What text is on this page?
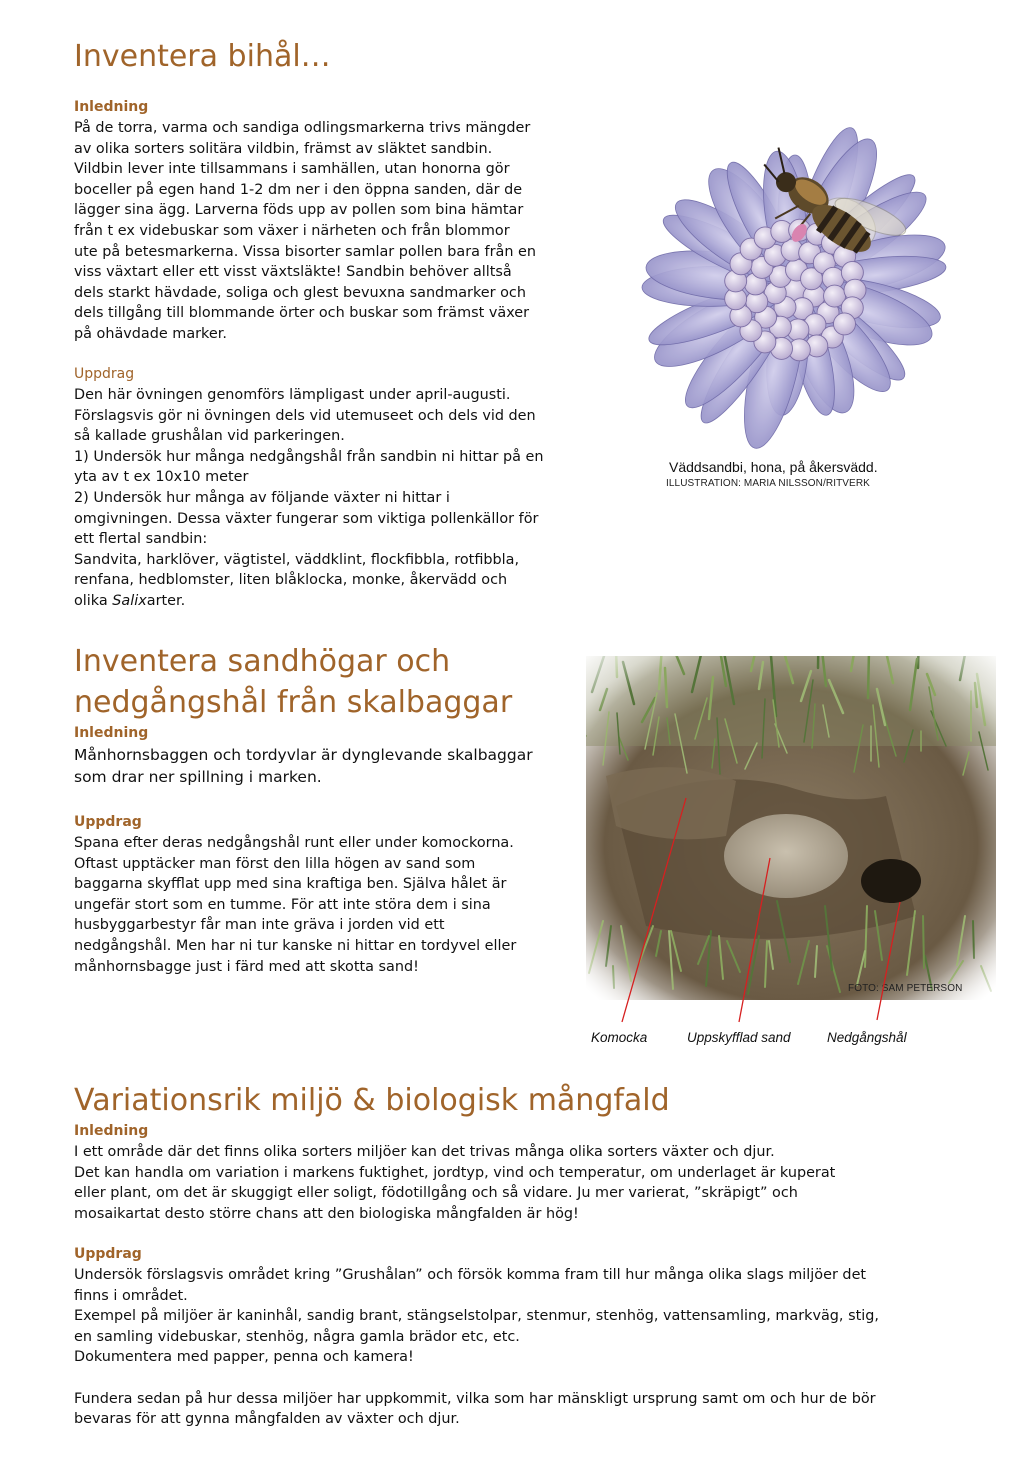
Inventera bihål…
Inledning

På de torra, varma och sandiga odlingsmarkerna trivs mängder

av olika sorters solitära vildbin, främst av släktet sandbin.

Vildbin lever inte tillsammans i samhällen, utan honorna gör

boceller på egen hand 1-2 dm ner i den öppna sanden, där de

lägger sina ägg. Larverna föds upp av pollen som bina hämtar

från t ex videbuskar som växer i närheten och från blommor

ute på betesmarkerna. Vissa bisorter samlar pollen bara från en

viss växtart eller ett visst växtsläkte! Sandbin behöver alltså

dels starkt hävdade, soliga och glest bevuxna sandmarker och

dels tillgång till blommande örter och buskar som främst växer

på ohävdade marker.

Uppdrag

Den här övningen genomförs lämpligast under april-augusti.

Förslagsvis gör ni övningen dels vid utemuseet och dels vid den

så kallade grushålan vid parkeringen.

1) Undersök hur många nedgångshål från sandbin ni hittar på en

yta av t ex 10x10 meter

2) Undersök hur många av följande växter ni hittar i

omgivningen. Dessa växter fungerar som viktiga pollenkällor för

ett flertal sandbin:

Sandvita, harklöver, vägtistel, väddklint, flockfibbla, rotfibbla,

renfana, hedblomster, liten blåklocka, monke, åkervädd och

olika Salixarter.

Väddsandbi, hona, på åkersvädd.
ILLUSTRATION: MARIA NILSSON/RITVERK
Inventera sandhögar och
nedgångshål från skalbaggar
Inledning
Månhornsbaggen och tordyvlar är dynglevande skalbaggar
som drar ner spillning i marken.
Uppdrag

Spana efter deras nedgångshål runt eller under komockorna.

Oftast upptäcker man först den lilla högen av sand som

baggarna skyfflat upp med sina kraftiga ben. Själva hålet är

ungefär stort som en tumme. För att inte störa dem i sina

husbyggarbestyr får man inte gräva i jorden vid ett

nedgångshål. Men har ni tur kanske ni hittar en tordyvel eller

månhornsbagge just i färd med att skotta sand!

FOTO: SAM PETERSON
Komocka	Uppskyfflad sand	Nedgångshål
Variationsrik miljö & biologisk mångfald
Inledning

I ett område där det finns olika sorters miljöer kan det trivas många olika sorters växter och djur.

Det kan handla om variation i markens fuktighet, jordtyp, vind och temperatur, om underlaget är kuperat

eller plant, om det är skuggigt eller soligt, födotillgång och så vidare. Ju mer varierat, ”skräpigt” och

mosaikartat desto större chans att den biologiska mångfalden är hög!

Uppdrag

Undersök förslagsvis området kring ”Grushålan” och försök komma fram till hur många olika slags miljöer det

finns i området.

Exempel på miljöer är kaninhål, sandig brant, stängselstolpar, stenmur, stenhög, vattensamling, markväg, stig,

en samling videbuskar, stenhög, några gamla brädor etc, etc.

Dokumentera med papper, penna och kamera!

Fundera sedan på hur dessa miljöer har uppkommit, vilka som har mänskligt ursprung samt om och hur de bör

bevaras för att gynna mångfalden av växter och djur.
